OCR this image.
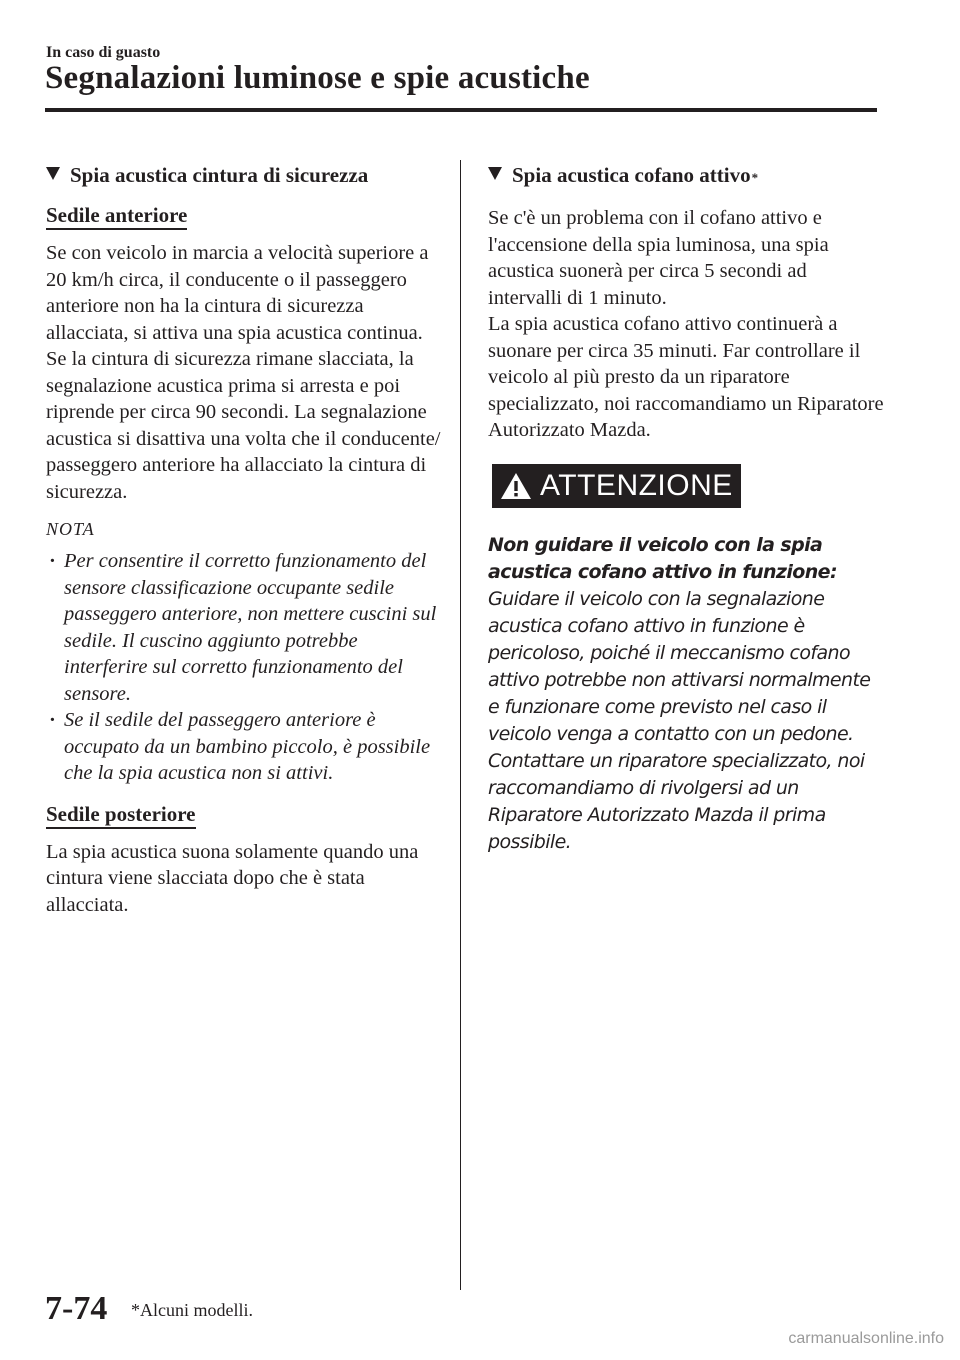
In caso di guasto
Segnalazioni luminose e spie acustiche
Spia acustica cintura di sicurezza
Sedile anteriore

Se con veicolo in marcia a velocità superiore a 20 km/h circa, il conducente o il passeggero anteriore non ha la cintura di sicurezza allacciata, si attiva una spia acustica continua. Se la cintura di sicurezza rimane slacciata, la segnalazione acustica prima si arresta e poi riprende per circa 90 secondi. La segnalazione acustica si disattiva una volta che il conducente/ passeggero anteriore ha allacciato la cintura di sicurezza.

NOTA
· Per consentire il corretto funzionamento del sensore classificazione occupante sedile passeggero anteriore, non mettere cuscini sul sedile. Il cuscino aggiunto potrebbe interferire sul corretto funzionamento del sensore.
· Se il sedile del passeggero anteriore è occupato da un bambino piccolo, è possibile che la spia acustica non si attivi.
Sedile posteriore

La spia acustica suona solamente quando una cintura viene slacciata dopo che è stata allacciata.

Spia acustica cofano attivo *

Se c'è un problema con il cofano attivo e l'accensione della spia luminosa, una spia acustica suonerà per circa 5 secondi ad intervalli di 1 minuto.

La spia acustica cofano attivo continuerà a suonare per circa 35 minuti. Far controllare il veicolo al più presto da un riparatore specializzato, noi raccomandiamo un Riparatore Autorizzato Mazda.

ATTENZIONE

Non guidare il veicolo con la spia acustica cofano attivo in funzione:
Guidare il veicolo con la segnalazione acustica cofano attivo in funzione è pericoloso, poiché il meccanismo cofano attivo potrebbe non attivarsi normalmente e funzionare come previsto nel caso il veicolo venga a contatto con un pedone. Contattare un riparatore specializzato, noi raccomandiamo di rivolgersi ad un Riparatore Autorizzato Mazda il prima possibile.

7-74 *Alcuni modelli.
carmanualsonline.info
